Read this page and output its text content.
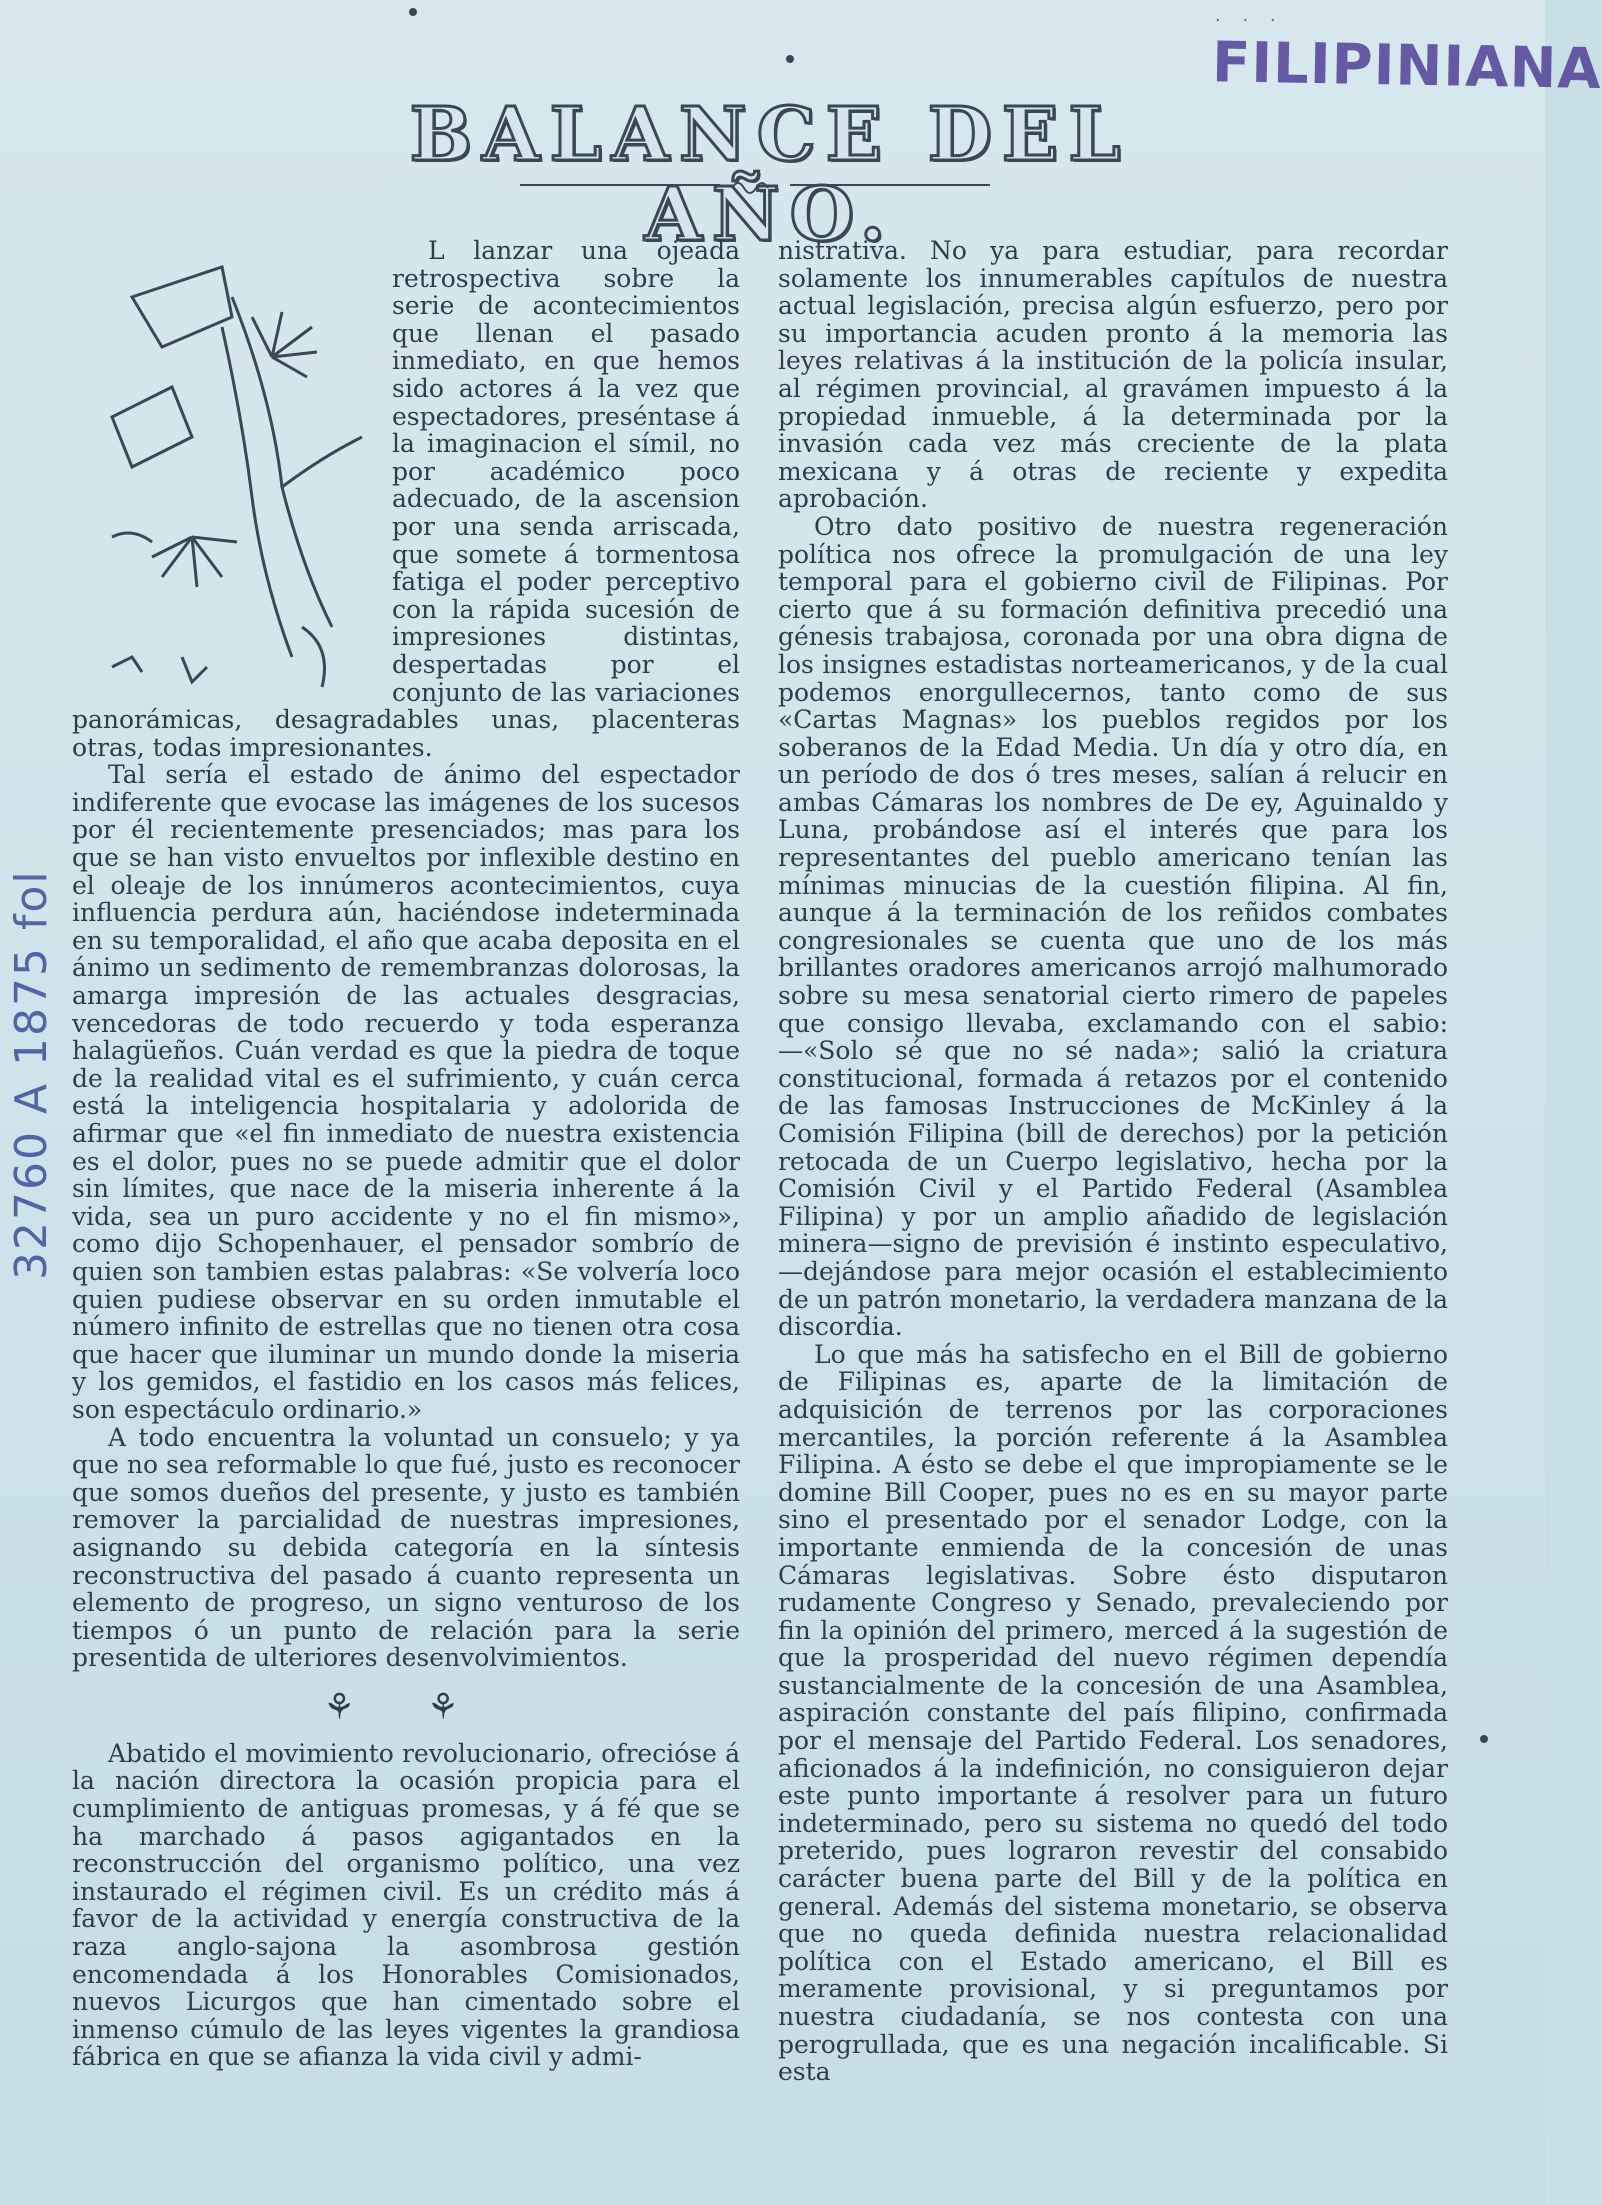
· · ·
FILIPINIANA
BALANCE DEL AÑO.
32760 A 1875 fol

L lanzar una ojeada retrospectiva sobre la serie de acontecimientos que llenan el pasado inmediato, en que hemos sido actores á la vez que espectadores, preséntase á la imaginacion el símil, no por académico poco adecuado, de la ascension por una senda arriscada, que somete á tormentosa fatiga el poder perceptivo con la rápida sucesión de impresiones distintas, despertadas por el conjunto de las variaciones panorámicas, desagradables unas, placenteras otras, todas impresionantes.

Tal sería el estado de ánimo del espectador indiferente que evocase las imágenes de los sucesos por él recientemente presenciados; mas para los que se han visto envueltos por inflexible destino en el oleaje de los innúmeros acontecimientos, cuya influencia perdura aún, haciéndose indeterminada en su temporalidad, el año que acaba deposita en el ánimo un sedimento de remembranzas dolorosas, la amarga impresión de las actuales desgracias, vencedoras de todo recuerdo y toda esperanza halagüeños. Cuán verdad es que la piedra de toque de la realidad vital es el sufrimiento, y cuán cerca está la inteligencia hospitalaria y adolorida de afirmar que «el fin inmediato de nuestra existencia es el dolor, pues no se puede admitir que el dolor sin límites, que nace de la miseria inherente á la vida, sea un puro accidente y no el fin mismo», como dijo Schopenhauer, el pensador sombrío de quien son tambien estas palabras: «Se volvería loco quien pudiese observar en su orden inmutable el número infinito de estrellas que no tienen otra cosa que hacer que iluminar un mundo donde la miseria y los gemidos, el fastidio en los casos más felices, son espectáculo ordinario.»

A todo encuentra la voluntad un consuelo; y ya que no sea reformable lo que fué, justo es reconocer que somos dueños del presente, y justo es también remover la parcialidad de nuestras impresiones, asignando su debida categoría en la síntesis reconstructiva del pasado á cuanto representa un elemento de progreso, un signo venturoso de los tiempos ó un punto de relación para la serie presentida de ulteriores desenvolvimientos.

⚘ ⚘

Abatido el movimiento revolucionario, ofrecióse á la nación directora la ocasión propicia para el cumplimiento de antiguas promesas, y á fé que se ha marchado á pasos agigantados en la reconstrucción del organismo político, una vez instaurado el régimen civil. Es un crédito más á favor de la actividad y energía constructiva de la raza anglo-sajona la asombrosa gestión encomendada á los Honorables Comisionados, nuevos Licurgos que han cimentado sobre el inmenso cúmulo de las leyes vigentes la grandiosa fábrica en que se afianza la vida civil y admi-

nistrativa. No ya para estudiar, para recordar solamente los innumerables capítulos de nuestra actual legislación, precisa algún esfuerzo, pero por su importancia acuden pronto á la memoria las leyes relativas á la institución de la policía insular, al régimen provincial, al gravámen impuesto á la propiedad inmueble, á la determinada por la invasión cada vez más creciente de la plata mexicana y á otras de reciente y expedita aprobación.

Otro dato positivo de nuestra regeneración política nos ofrece la promulgación de una ley temporal para el gobierno civil de Filipinas. Por cierto que á su formación definitiva precedió una génesis trabajosa, coronada por una obra digna de los insignes estadistas norteamericanos, y de la cual podemos enorgullecernos, tanto como de sus «Cartas Magnas» los pueblos regidos por los soberanos de la Edad Media. Un día y otro día, en un período de dos ó tres meses, salían á relucir en ambas Cámaras los nombres de De ey, Aguinaldo y Luna, probándose así el interés que para los representantes del pueblo americano tenían las mínimas minucias de la cuestión filipina. Al fin, aunque á la terminación de los reñidos combates congresionales se cuenta que uno de los más brillantes oradores americanos arrojó malhumorado sobre su mesa senatorial cierto rimero de papeles que consigo llevaba, exclamando con el sabio:—«Solo sé que no sé nada»; salió la criatura constitucional, formada á retazos por el contenido de las famosas Instrucciones de McKinley á la Comisión Filipina (bill de derechos) por la petición retocada de un Cuerpo legislativo, hecha por la Comisión Civil y el Partido Federal (Asamblea Filipina) y por un amplio añadido de legislación minera—signo de previsión é instinto especulativo,—dejándose para mejor ocasión el establecimiento de un patrón monetario, la verdadera manzana de la discordia.

Lo que más ha satisfecho en el Bill de gobierno de Filipinas es, aparte de la limitación de adquisición de terrenos por las corporaciones mercantiles, la porción referente á la Asamblea Filipina. A ésto se debe el que impropiamente se le domine Bill Cooper, pues no es en su mayor parte sino el presentado por el senador Lodge, con la importante enmienda de la concesión de unas Cámaras legislativas. Sobre ésto disputaron rudamente Congreso y Senado, prevaleciendo por fin la opinión del primero, merced á la sugestión de que la prosperidad del nuevo régimen dependía sustancialmente de la concesión de una Asamblea, aspiración constante del país filipino, confirmada por el mensaje del Partido Federal. Los senadores, aficionados á la indefinición, no consiguieron dejar este punto importante á resolver para un futuro indeterminado, pero su sistema no quedó del todo preterido, pues lograron revestir del consabido carácter buena parte del Bill y de la política en general. Además del sistema monetario, se observa que no queda definida nuestra relacionalidad política con el Estado americano, el Bill es meramente provisional, y si preguntamos por nuestra ciudadanía, se nos contesta con una perogrullada, que es una negación incalificable. Si esta
